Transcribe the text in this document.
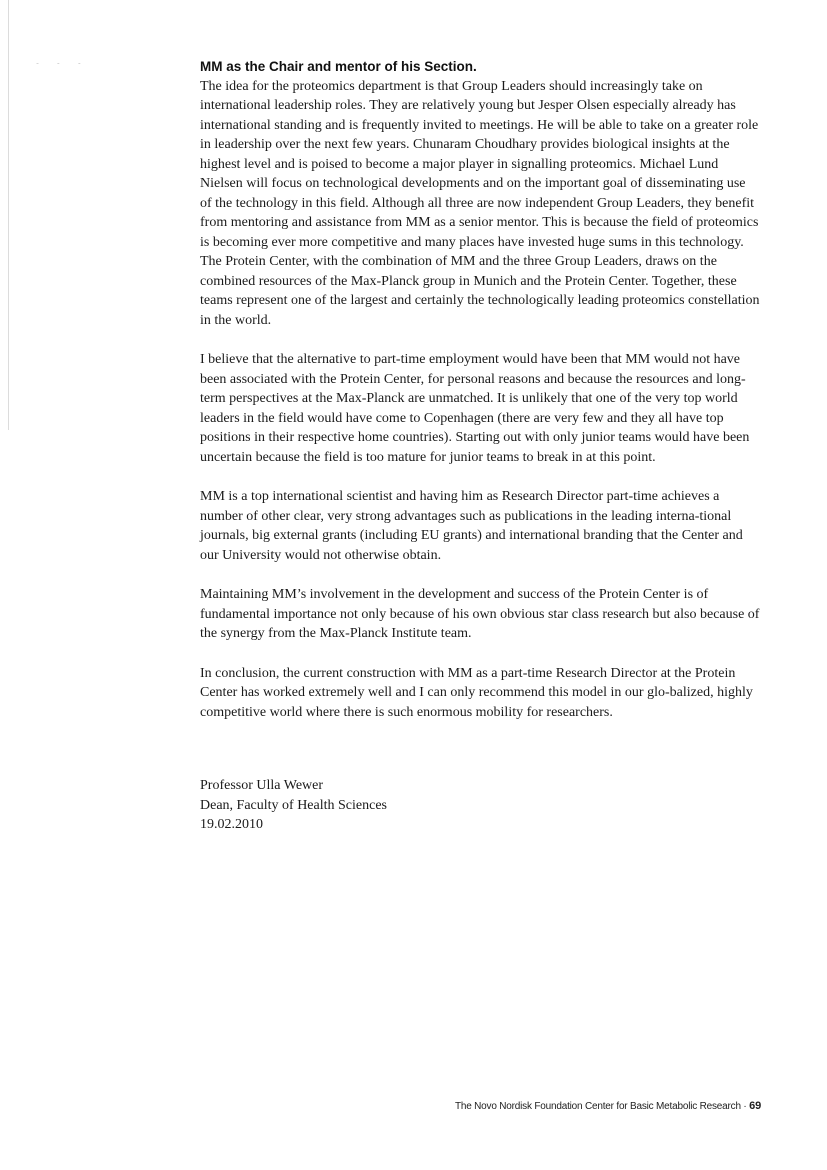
˘ ˘ ˘	MM as the Chair and mentor of his Section.

The idea for the proteomics department is that Group Leaders should increasingly take on international leadership roles. They are relatively young but Jesper Olsen especially already has international standing and is frequently invited to meetings. He will be able to take on a greater role in leadership over the next few years. Chunaram Choudhary provides biological insights at the highest level and is poised to become a major player in signalling proteomics. Michael Lund Nielsen will focus on technological developments and on the important goal of disseminating use of the technology in this field. Although all three are now independent Group Leaders, they benefit from mentoring and assistance from MM as a senior mentor. This is because the field of proteomics is becoming ever more competitive and many places have invested huge sums in this technology. The Protein Center, with the combination of MM and the three Group Leaders, draws on the combined resources of the Max-Planck group in Munich and the Protein Center. Together, these teams represent one of the largest and certainly the technologically leading proteomics constellation in the world.

I believe that the alternative to part-time employment would have been that MM would not have been associated with the Protein Center, for personal reasons and because the resources and long-term perspectives at the Max-Planck are unmatched. It is unlikely that one of the very top world leaders in the field would have come to Copenhagen (there are very few and they all have top positions in their respective home countries). Starting out with only junior teams would have been uncertain because the field is too mature for junior teams to break in at this point.

MM is a top international scientist and having him as Research Director part-time achieves a number of other clear, very strong advantages such as publications in the leading interna-tional journals, big external grants (including EU grants) and international branding that the Center and our University would not otherwise obtain.

Maintaining MM’s involvement in the development and success of the Protein Center is of fundamental importance not only because of his own obvious star class research but also because of the synergy from the Max-Planck Institute team.

In conclusion, the current construction with MM as a part-time Research Director at the Protein Center has worked extremely well and I can only recommend this model in our glo-balized, highly competitive world where there is such enormous mobility for researchers.

Professor Ulla Wewer
Dean, Faculty of Health Sciences
19.02.2010
The Novo Nordisk Foundation Center for Basic Metabolic Research · 69
